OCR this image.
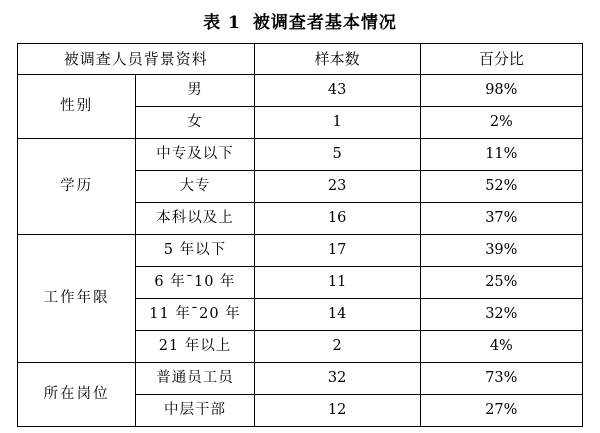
表 1 被调查者基本情况
被调查人员背景资料		样本数	百分比
性别	男	43	98%
	女	1	2%
学历	中专及以下	5	11%
	大专	23	52%
	本科以及上	16	37%
工作年限	5 年以下	17	39%
	6 年ˉ10 年	11	25%
	11 年ˉ20 年	14	32%
	21 年以上	2	4%
所在岗位	普通员工员	32	73%
	中层干部	12	27%
